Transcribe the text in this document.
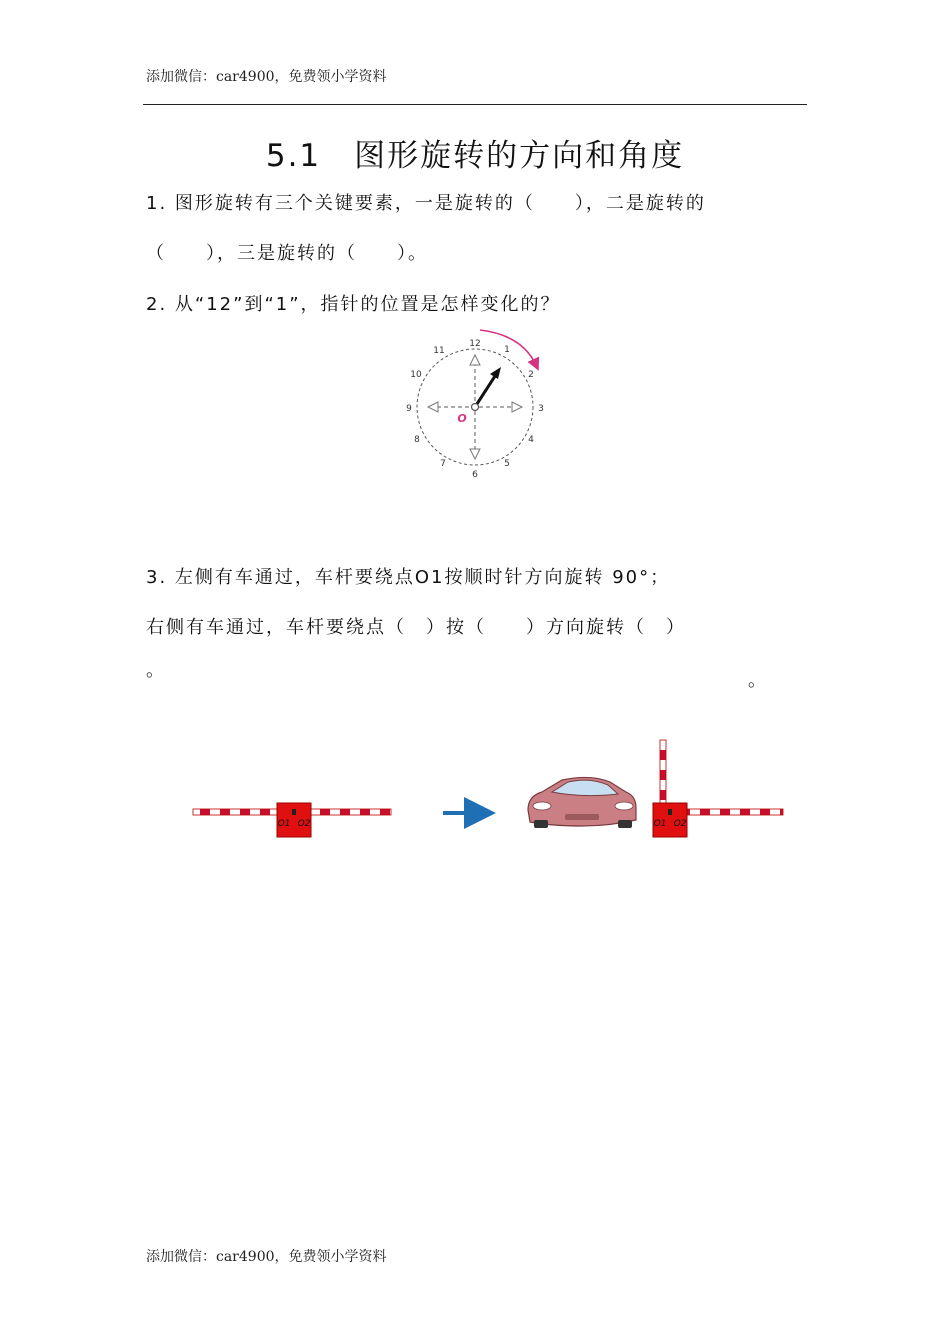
添加微信：car4900，免费领小学资料
5.1　图形旋转的方向和角度
1. 图形旋转有三个关键要素，一是旋转的（　　），二是旋转的
（　　），三是旋转的（　　）。
2. 从“12”到“1”，指针的位置是怎样变化的？
12
1
2
3
4
5
6
7
8
9
10
11
O
3. 左侧有车通过，车杆要绕点O1按顺时针方向旋转 90°；
右侧有车通过，车杆要绕点（　）按（　　）方向旋转（　）
。	。
O1 O2	O1 O2
添加微信：car4900，免费领小学资料
